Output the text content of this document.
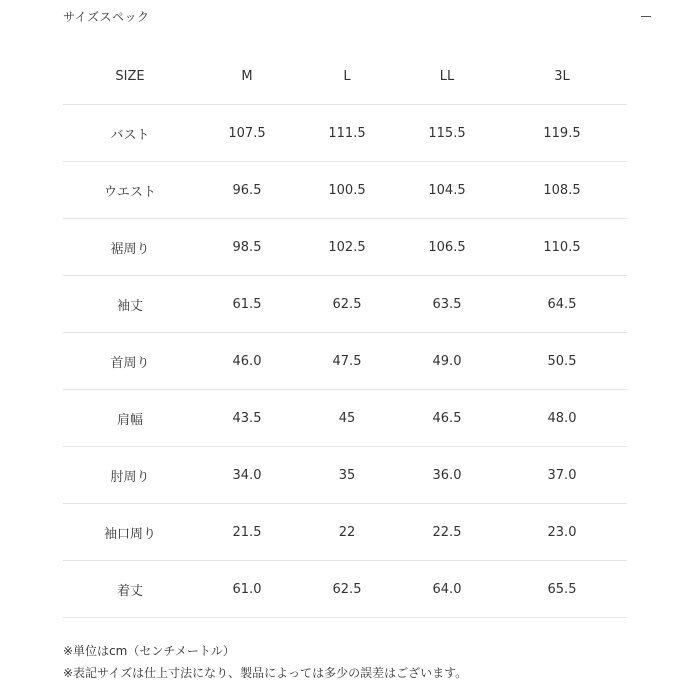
サイズスペック
SIZE	M	L	LL	3L
バスト	107.5	111.5	115.5	119.5
ウエスト	96.5	100.5	104.5	108.5
裾周り	98.5	102.5	106.5	110.5
袖丈	61.5	62.5	63.5	64.5
首周り	46.0	47.5	49.0	50.5
肩幅	43.5	45	46.5	48.0
肘周り	34.0	35	36.0	37.0
袖口周り	21.5	22	22.5	23.0
着丈	61.0	62.5	64.0	65.5
※単位はcm（センチメートル）
※表記サイズは仕上寸法になり、製品によっては多少の誤差はございます。
